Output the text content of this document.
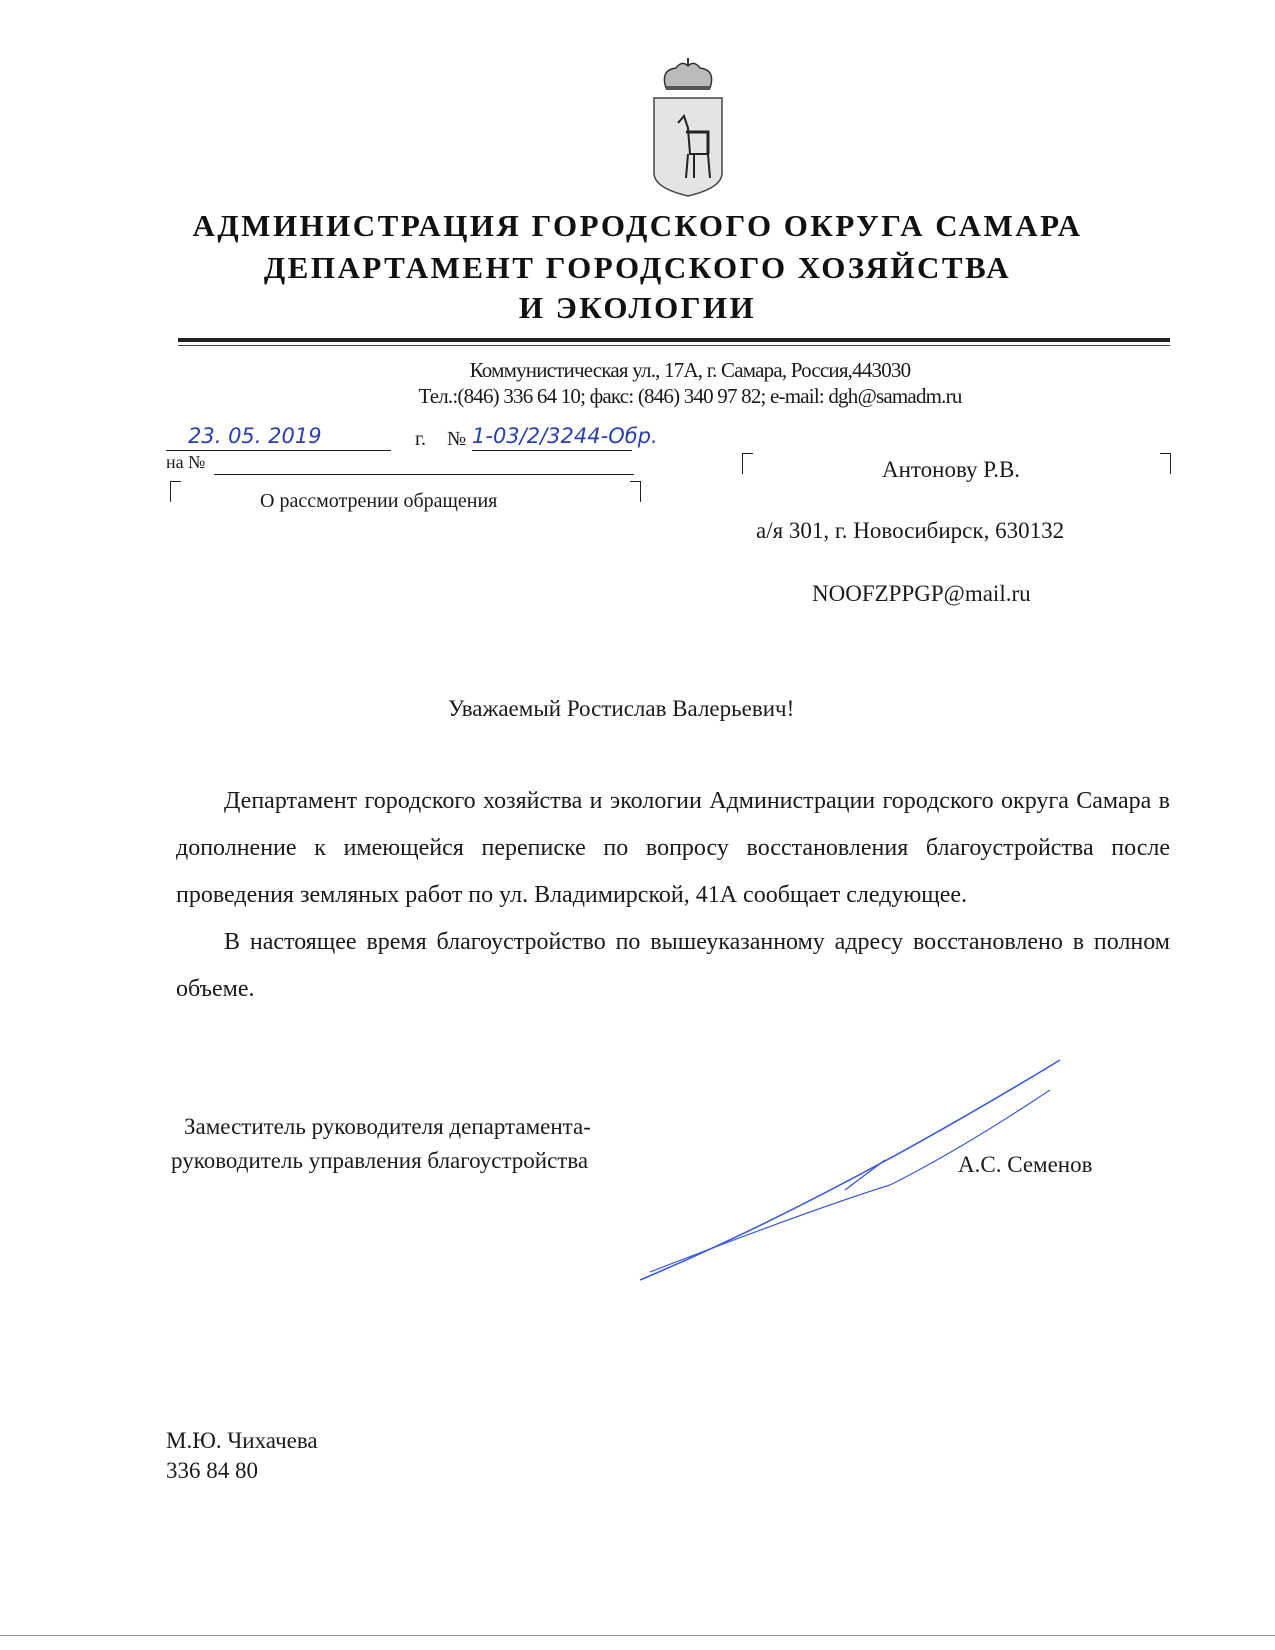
АДМИНИСТРАЦИЯ ГОРОДСКОГО ОКРУГА САМАРА
ДЕПАРТАМЕНТ ГОРОДСКОГО ХОЗЯЙСТВА
И ЭКОЛОГИИ
Коммунистическая ул., 17А, г. Самара, Россия,443030
Тел.:(846) 336 64 10; факс: (846) 340 97 82; e-mail: dgh@samadm.ru
23. 05. 2019	г. № 1-03/2/3244-Обр.
на №
О рассмотрении обращения
Антонову Р.В.
а/я 301, г. Новосибирск, 630132
NOOFZPPGP@mail.ru
Уважаемый Ростислав Валерьевич!

Департамент городского хозяйства и экологии Администрации городского округа Самара в дополнение к имеющейся переписке по вопросу восстановления благоустройства после проведения земляных работ по ул. Владимирской, 41А сообщает следующее.

В настоящее время благоустройство по вышеуказанному адресу восстановлено в полном объеме.

Заместитель руководителя департамента-
руководитель управления благоустройства	А.С. Семенов
М.Ю. Чихачева
336 84 80
